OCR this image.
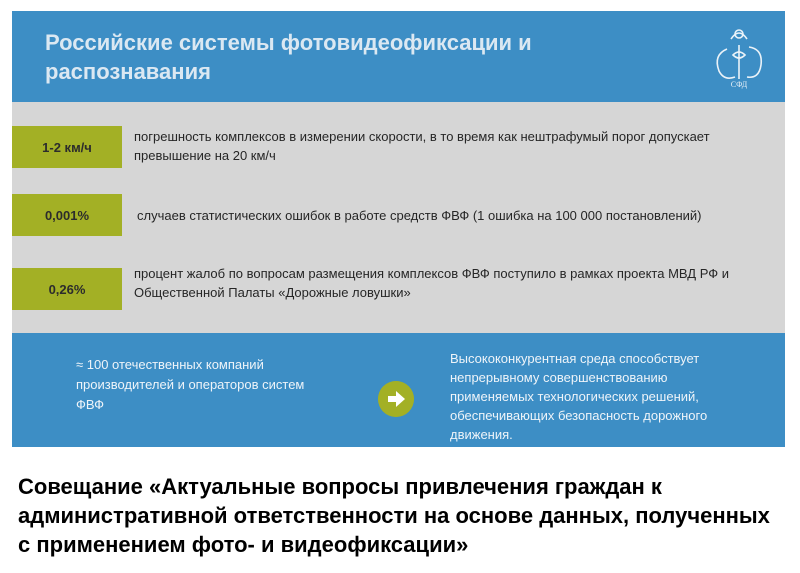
Российские системы фотовидеофиксации и распознавания
СФД
1-2 км/ч
погрешность комплексов в измерении скорости, в то время как нештрафумый порог допускает превышение на 20 км/ч
0,001%	случаев статистических ошибок в работе средств ФВФ (1 ошибка на 100 000 постановлений)
0,26%
процент жалоб по вопросам размещения комплексов ФВФ поступило в рамках проекта МВД РФ и Общественной Палаты «Дорожные ловушки»
≈ 100 отечественных компаний производителей и операторов систем ФВФ
Высококонкурентная среда способствует непрерывному совершенствованию применяемых технологических решений, обеспечивающих безопасность дорожного движения.
Совещание «Актуальные вопросы привлечения граждан к административной ответственности на основе данных, полученных с применением фото- и видеофиксации»
